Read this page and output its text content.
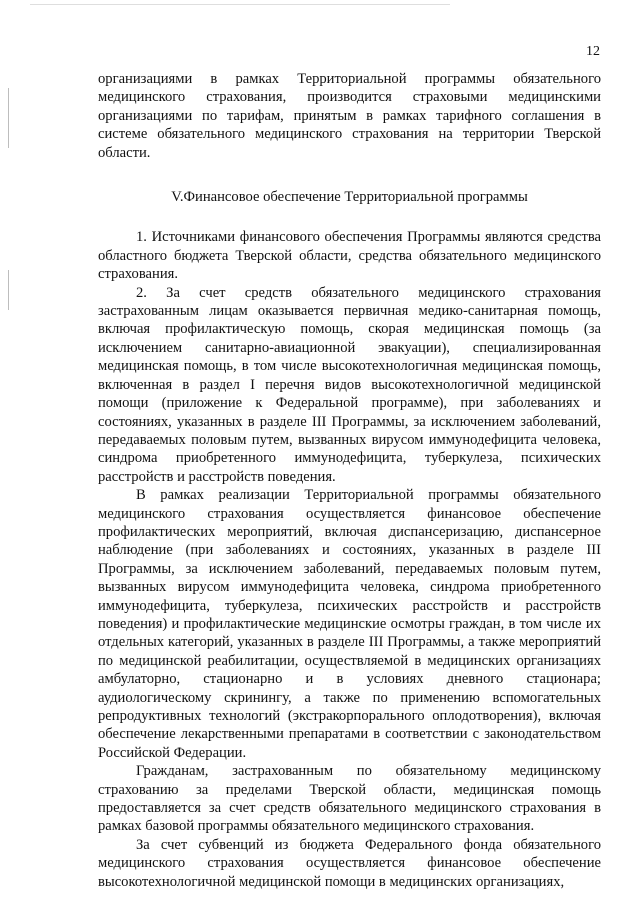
12

организациями в рамках Территориальной программы обязательного медицинского страхования, производится страховыми медицинскими организациями по тарифам, принятым в рамках тарифного соглашения в системе обязательного медицинского страхования на территории Тверской области.

V.Финансовое обеспечение Территориальной программы

1. Источниками финансового обеспечения Программы являются средства областного бюджета Тверской области, средства обязательного медицинского страхования.

2. За счет средств обязательного медицинского страхования застрахованным лицам оказывается первичная медико-санитарная помощь, включая профилактическую помощь, скорая медицинская помощь (за исключением санитарно-авиационной эвакуации), специализированная медицинская помощь, в том числе высокотехнологичная медицинская помощь, включенная в раздел I перечня видов высокотехнологичной медицинской помощи (приложение к Федеральной программе), при заболеваниях и состояниях, указанных в разделе III Программы, за исключением заболеваний, передаваемых половым путем, вызванных вирусом иммунодефицита человека, синдрома приобретенного иммунодефицита, туберкулеза, психических расстройств и расстройств поведения.

В рамках реализации Территориальной программы обязательного медицинского страхования осуществляется финансовое обеспечение профилактических мероприятий, включая диспансеризацию, диспансерное наблюдение (при заболеваниях и состояниях, указанных в разделе III Программы, за исключением заболеваний, передаваемых половым путем, вызванных вирусом иммунодефицита человека, синдрома приобретенного иммунодефицита, туберкулеза, психических расстройств и расстройств поведения) и профилактические медицинские осмотры граждан, в том числе их отдельных категорий, указанных в разделе III Программы, а также мероприятий по медицинской реабилитации, осуществляемой в медицинских организациях амбулаторно, стационарно и в условиях дневного стационара; аудиологическому скринингу, а также по применению вспомогательных репродуктивных технологий (экстракорпорального оплодотворения), включая обеспечение лекарственными препаратами в соответствии с законодательством Российской Федерации.

Гражданам, застрахованным по обязательному медицинскому страхованию за пределами Тверской области, медицинская помощь предоставляется за счет средств обязательного медицинского страхования в рамках базовой программы обязательного медицинского страхования.

За счет субвенций из бюджета Федерального фонда обязательного медицинского страхования осуществляется финансовое обеспечение высокотехнологичной медицинской помощи в медицинских организациях,
